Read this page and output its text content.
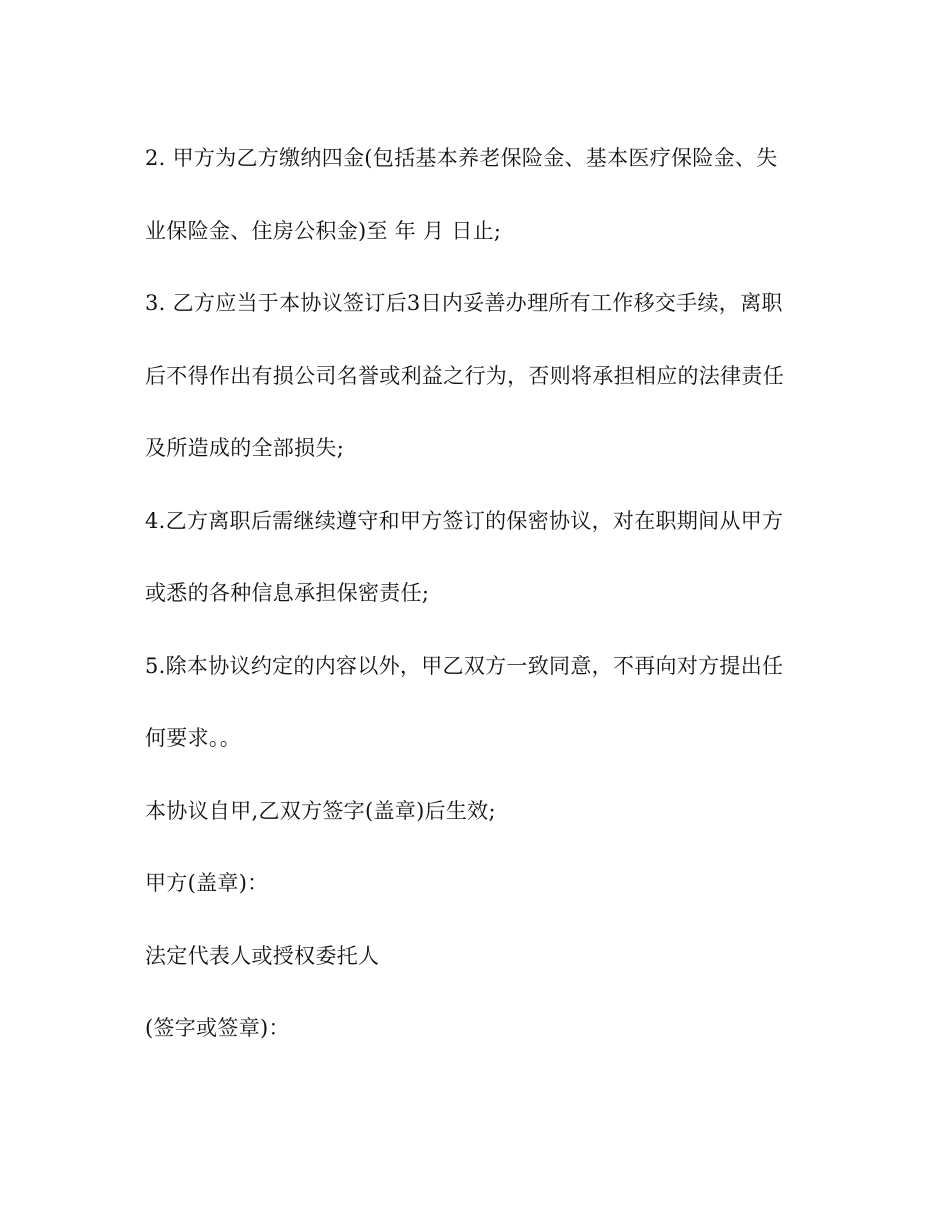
2. 甲方为乙方缴纳四金(包括基本养老保险金、基本医疗保险金、失
业保险金、住房公积金)至 年 月 日止;
3. 乙方应当于本协议签订后3日内妥善办理所有工作移交手续，离职
后不得作出有损公司名誉或利益之行为，否则将承担相应的法律责任
及所造成的全部损失;
4.乙方离职后需继续遵守和甲方签订的保密协议，对在职期间从甲方
或悉的各种信息承担保密责任;
5.除本协议约定的内容以外，甲乙双方一致同意，不再向对方提出任
何要求。。
本协议自甲,乙双方签字(盖章)后生效;
甲方(盖章)：
法定代表人或授权委托人
(签字或签章)：
